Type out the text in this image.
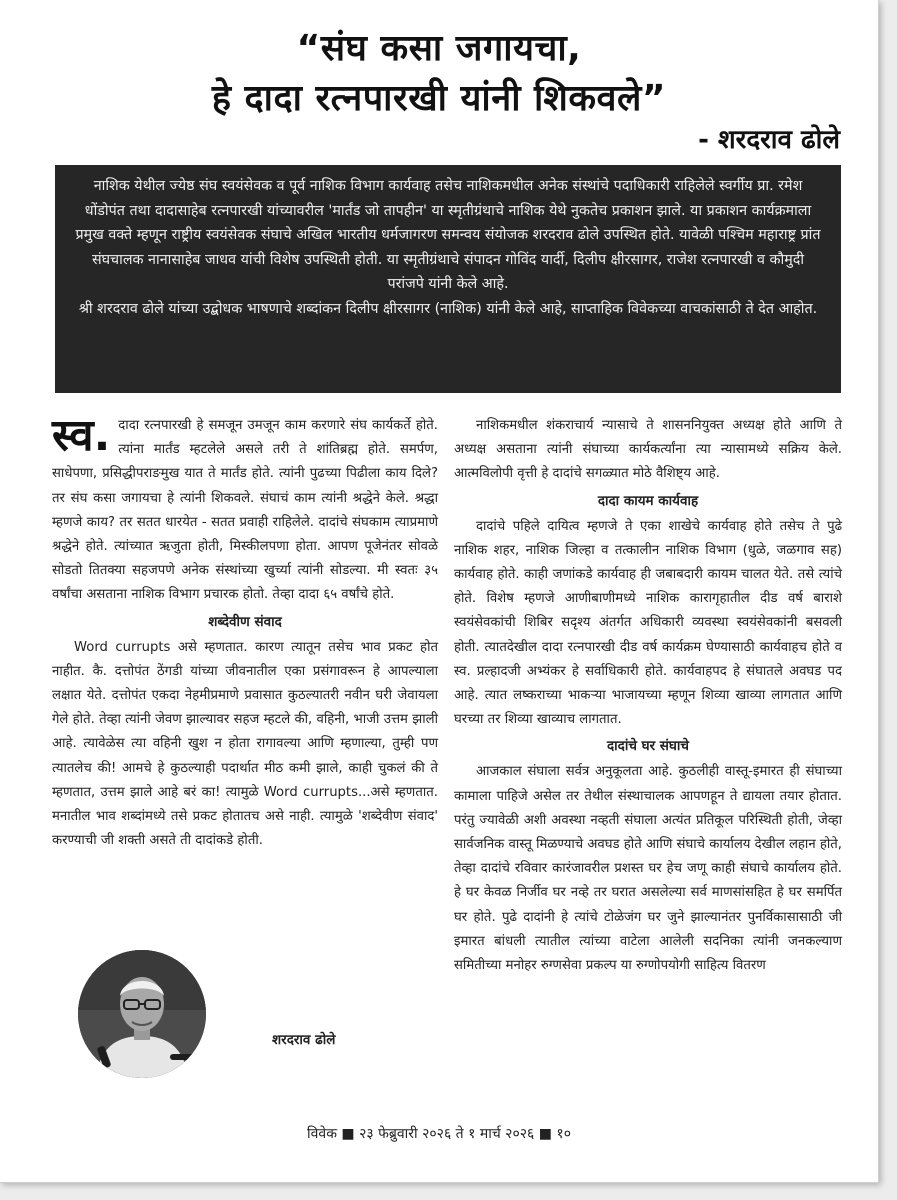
“संघ कसा जगायचा,
हे दादा रत्नपारखी यांनी शिकवले”
- शरदराव ढोले

नाशिक येथील ज्येष्ठ संघ स्वयंसेवक व पूर्व नाशिक विभाग कार्यवाह तसेच नाशिकमधील अनेक संस्थांचे पदाधिकारी राहिलेले स्वर्गीय प्रा. रमेश धोंडोपंत तथा दादासाहेब रत्नपारखी यांच्यावरील 'मार्तंड जो तापहीन' या स्मृतीग्रंथाचे नाशिक येथे नुकतेच प्रकाशन झाले. या प्रकाशन कार्यक्रमाला प्रमुख वक्ते म्हणून राष्ट्रीय स्वयंसेवक संघाचे अखिल भारतीय धर्मजागरण समन्वय संयोजक शरदराव ढोले उपस्थित होते. यावेळी पश्चिम महाराष्ट्र प्रांत संघचालक नानासाहेब जाधव यांची विशेष उपस्थिती होती. या स्मृतीग्रंथाचे संपादन गोविंद यार्दी, दिलीप क्षीरसागर, राजेश रत्नपारखी व कौमुदी परांजपे यांनी केले आहे.

श्री शरदराव ढोले यांच्या उद्बोधक भाषणाचे शब्दांकन दिलीप क्षीरसागर (नाशिक) यांनी केले आहे, साप्ताहिक विवेकच्या वाचकांसाठी ते देत आहोत.

स्व. दादा रत्नपारखी हे समजून उमजून काम करणारे संघ कार्यकर्ते होते. त्यांना मार्तंड म्हटलेले असले तरी ते शांतिब्रह्म होते. समर्पण, साधेपणा, प्रसिद्धीपराङमुख यात ते मार्तंड होते. त्यांनी पुढच्या पिढीला काय दिले? तर संघ कसा जगायचा हे त्यांनी शिकवले. संघाचं काम त्यांनी श्रद्धेने केले. श्रद्धा म्हणजे काय? तर सतत धारयेत - सतत प्रवाही राहिलेले. दादांचे संघकाम त्याप्रमाणे श्रद्धेने होते. त्यांच्यात ऋजुता होती, मिस्कीलपणा होता. आपण पूजेनंतर सोवळे सोडतो तितक्या सहजपणे अनेक संस्थांच्या खुर्च्या त्यांनी सोडल्या. मी स्वतः ३५ वर्षांचा असताना नाशिक विभाग प्रचारक होतो. तेव्हा दादा ६५ वर्षांचे होते.

शब्देवीण संवाद

Word currupts असे म्हणतात. कारण त्यातून तसेच भाव प्रकट होत नाहीत. कै. दत्तोपंत ठेंगडी यांच्या जीवनातील एका प्रसंगावरून हे आपल्याला लक्षात येते. दत्तोपंत एकदा नेहमीप्रमाणे प्रवासात कुठल्यातरी नवीन घरी जेवायला गेले होते. तेव्हा त्यांनी जेवण झाल्यावर सहज म्हटले की, वहिनी, भाजी उत्तम झाली आहे. त्यावेळेस त्या वहिनी खुश न होता रागावल्या आणि म्हणाल्या, तुम्ही पण त्यातलेच की! आमचे हे कुठल्याही पदार्थात मीठ कमी झाले, काही चुकलं की ते म्हणतात, उत्तम झाले आहे बरं का! त्यामुळे Word currupts...असे म्हणतात. मनातील भाव शब्दांमध्ये तसे प्रकट होतातच असे नाही. त्यामुळे 'शब्देवीण संवाद' करण्याची जी शक्ती असते ती दादांकडे होती.

शरदराव ढोले

नाशिकमधील शंकराचार्य न्यासाचे ते शासननियुक्त अध्यक्ष होते आणि ते अध्यक्ष असताना त्यांनी संघाच्या कार्यकर्त्यांना त्या न्यासामध्ये सक्रिय केले. आत्मविलोपी वृत्ती हे दादांचे सगळ्यात मोठे वैशिष्ट्य आहे.

दादा कायम कार्यवाह

दादांचे पहिले दायित्व म्हणजे ते एका शाखेचे कार्यवाह होते तसेच ते पुढे नाशिक शहर, नाशिक जिल्हा व तत्कालीन नाशिक विभाग (धुळे, जळगाव सह) कार्यवाह होते. काही जणांकडे कार्यवाह ही जबाबदारी कायम चालत येते. तसे त्यांचे होते. विशेष म्हणजे आणीबाणीमध्ये नाशिक कारागृहातील दीड वर्ष बाराशे स्वयंसेवकांची शिबिर सदृश्य अंतर्गत अधिकारी व्यवस्था स्वयंसेवकांनी बसवली होती. त्यातदेखील दादा रत्नपारखी दीड वर्ष कार्यक्रम घेण्यासाठी कार्यवाहच होते व स्व. प्रल्हादजी अभ्यंकर हे सर्वाधिकारी होते. कार्यवाहपद हे संघातले अवघड पद आहे. त्यात लष्कराच्या भाकऱ्या भाजायच्या म्हणून शिव्या खाव्या लागतात आणि घरच्या तर शिव्या खाव्याच लागतात.

दादांचे घर संघाचे

आजकाल संघाला सर्वत्र अनुकूलता आहे. कुठलीही वास्तू-इमारत ही संघाच्या कामाला पाहिजे असेल तर तेथील संस्थाचालक आपणहून ते द्यायला तयार होतात. परंतु ज्यावेळी अशी अवस्था नव्हती संघाला अत्यंत प्रतिकूल परिस्थिती होती, जेव्हा सार्वजनिक वास्तू मिळण्याचे अवघड होते आणि संघाचे कार्यालय देखील लहान होते, तेव्हा दादांचे रविवार कारंजावरील प्रशस्त घर हेच जणू काही संघाचे कार्यालय होते. हे घर केवळ निर्जीव घर नव्हे तर घरात असलेल्या सर्व माणसांसहित हे घर समर्पित घर होते. पुढे दादांनी हे त्यांचे टोळेजंग घर जुने झाल्यानंतर पुनर्विकासासाठी जी इमारत बांधली त्यातील त्यांच्या वाटेला आलेली सदनिका त्यांनी जनकल्याण समितीच्या मनोहर रुग्णसेवा प्रकल्प या रुग्णोपयोगी साहित्य वितरण

विवेक ■ २३ फेब्रुवारी २०२६ ते १ मार्च २०२६ ■ १०
